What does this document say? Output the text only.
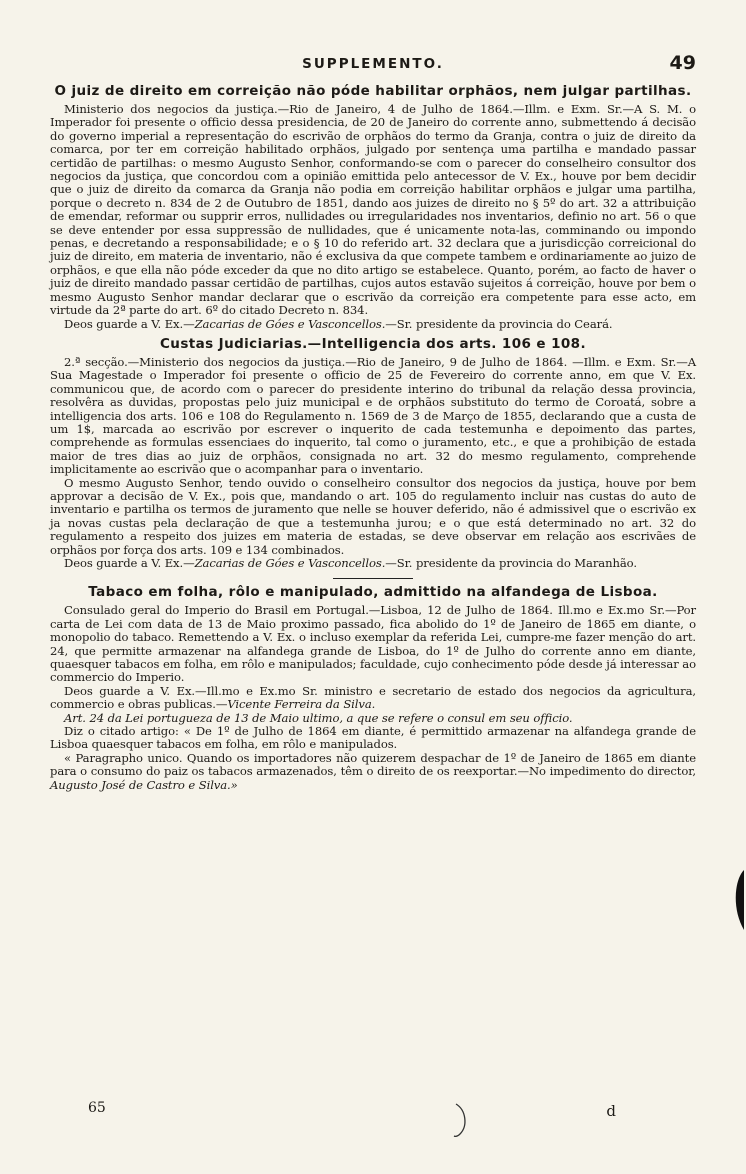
SUPPLEMENTO.	49
O juiz de direito em correição não póde habilitar orphãos, nem julgar partilhas.

Ministerio dos negocios da justiça.—Rio de Janeiro, 4 de Julho de 1864.—Illm. e Exm. Sr.—A S. M. o Imperador foi presente o officio dessa presidencia, de 20 de Janeiro do corrente anno, submettendo á decisão do governo imperial a representação do escrivão de orphãos do termo da Granja, contra o juiz de direito da comarca, por ter em correição habilitado orphãos, julgado por sentença uma partilha e mandado passar certidão de partilhas: o mesmo Augusto Senhor, conformando-se com o parecer do conselheiro consultor dos negocios da justiça, que concordou com a opinião emittida pelo antecessor de V. Ex., houve por bem decidir que o juiz de direito da comarca da Granja não podia em correição habilitar orphãos e julgar uma partilha, porque o decreto n. 834 de 2 de Outubro de 1851, dando aos juizes de direito no § 5º do art. 32 a attribuição de emendar, reformar ou supprir erros, nullidades ou irregularidades nos inventarios, definio no art. 56 o que se deve entender por essa suppressão de nullidades, que é unicamente nota-las, comminando ou impondo penas, e decretando a responsabilidade; e o § 10 do referido art. 32 declara que a jurisdicção correicional do juiz de direito, em materia de inventario, não é exclusiva da que compete tambem e ordinariamente ao juizo de orphãos, e que ella não póde exceder da que no dito artigo se estabelece. Quanto, porém, ao facto de haver o juiz de direito mandado passar certidão de partilhas, cujos autos estavão sujeitos á correição, houve por bem o mesmo Augusto Senhor mandar declarar que o escrivão da correição era competente para esse acto, em virtude da 2ª parte do art. 6º do citado Decreto n. 834.

Deos guarde a V. Ex.—Zacarias de Góes e Vasconcellos.—Sr. presidente da provincia do Ceará.

Custas Judiciarias.—Intelligencia dos arts. 106 e 108.

2.ª secção.—Ministerio dos negocios da justiça.—Rio de Janeiro, 9 de Julho de 1864. —Illm. e Exm. Sr.—A Sua Magestade o Imperador foi presente o officio de 25 de Fevereiro do corrente anno, em que V. Ex. communicou que, de acordo com o parecer do presidente interino do tribunal da relação dessa provincia, resolvêra as duvidas, propostas pelo juiz municipal e de orphãos substituto do termo de Coroatá, sobre a intelligencia dos arts. 106 e 108 do Regulamento n. 1569 de 3 de Março de 1855, declarando que a custa de um 1$, marcada ao escrivão por escrever o inquerito de cada testemunha e depoimento das partes, comprehende as formulas essenciaes do inquerito, tal como o juramento, etc., e que a prohibição de estada maior de tres dias ao juiz de orphãos, consignada no art. 32 do mesmo regulamento, comprehende implicitamente ao escrivão que o acompanhar para o inventario.

O mesmo Augusto Senhor, tendo ouvido o conselheiro consultor dos negocios da justiça, houve por bem approvar a decisão de V. Ex., pois que, mandando o art. 105 do regulamento incluir nas custas do auto de inventario e partilha os termos de juramento que nelle se houver deferido, não é admissivel que o escrivão ex ja novas custas pela declaração de que a testemunha jurou; e o que está determinado no art. 32 do regulamento a respeito dos juizes em materia de estadas, se deve observar em relação aos escrivães de orphãos por força dos arts. 109 e 134 combinados.

Deos guarde a V. Ex.—Zacarias de Góes e Vasconcellos.—Sr. presidente da provincia do Maranhão.

Tabaco em folha, rôlo e manipulado, admittido na alfandega de Lisboa.

Consulado geral do Imperio do Brasil em Portugal.—Lisboa, 12 de Julho de 1864. Ill.mo e Ex.mo Sr.—Por carta de Lei com data de 13 de Maio proximo passado, fica abolido do 1º de Janeiro de 1865 em diante, o monopolio do tabaco. Remettendo a V. Ex. o incluso exemplar da referida Lei, cumpre-me fazer menção do art. 24, que permitte armazenar na alfandega grande de Lisboa, do 1º de Julho do corrente anno em diante, quaesquer tabacos em folha, em rôlo e manipulados; faculdade, cujo conhecimento póde desde já interessar ao commercio do Imperio.

Deos guarde a V. Ex.—Ill.mo e Ex.mo Sr. ministro e secretario de estado dos negocios da agricultura, commercio e obras publicas.—Vicente Ferreira da Silva.

Art. 24 da Lei portugueza de 13 de Maio ultimo, a que se refere o consul em seu officio.

Diz o citado artigo: « De 1º de Julho de 1864 em diante, é permittido armazenar na alfandega grande de Lisboa quaesquer tabacos em folha, em rôlo e manipulados.

« Paragrapho unico. Quando os importadores não quizerem despachar de 1º de Janeiro de 1865 em diante para o consumo do paiz os tabacos armazenados, têm o direito de os reexportar.—No impedimento do director, Augusto José de Castro e Silva.»

65	d
